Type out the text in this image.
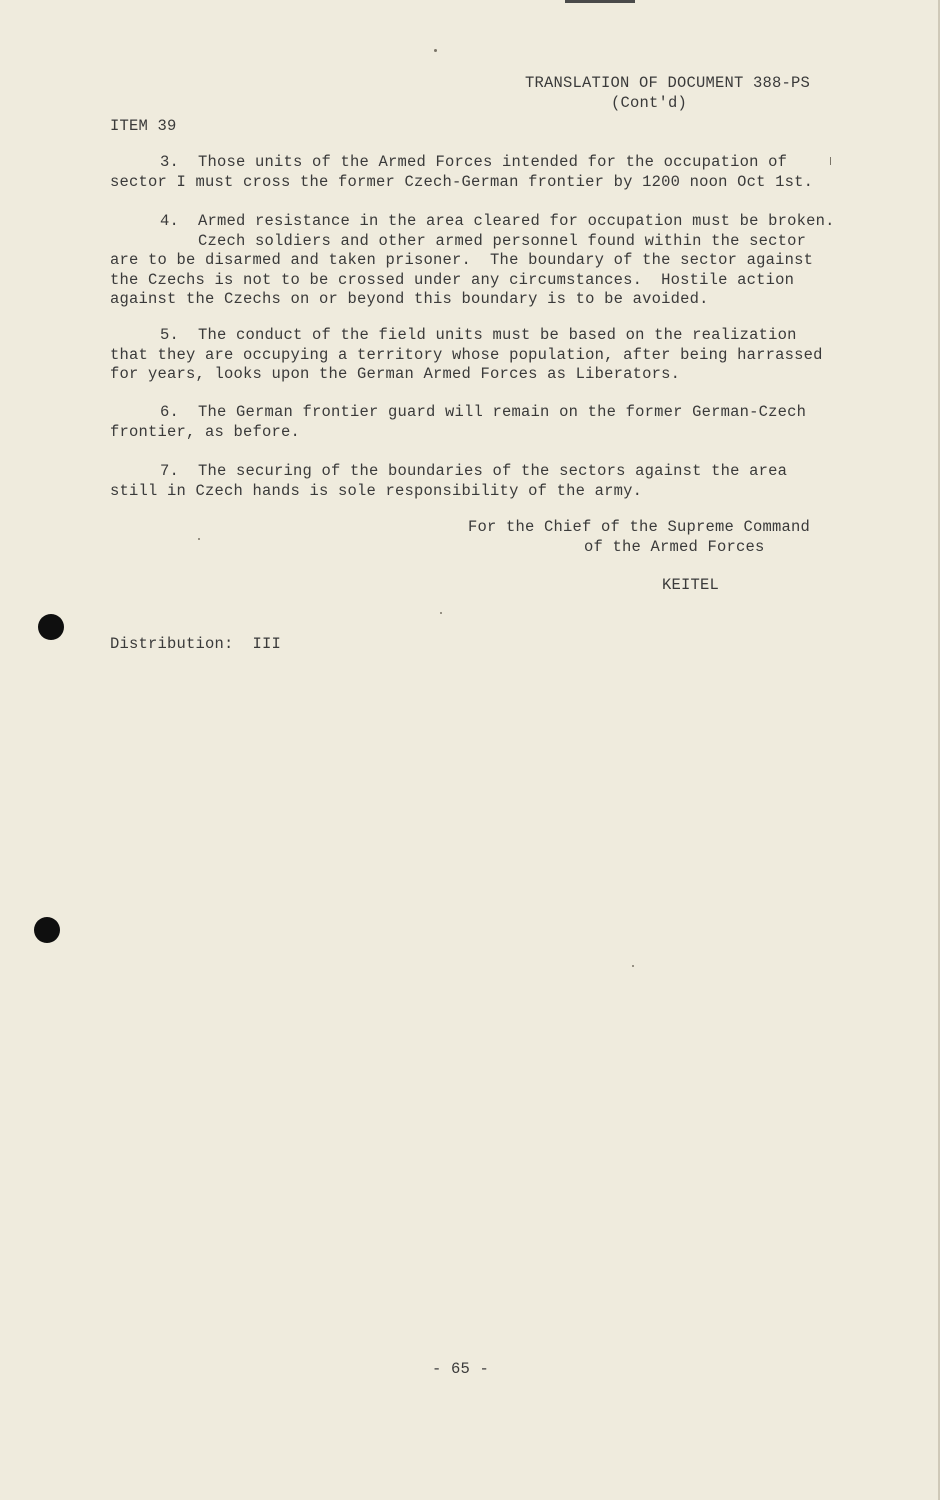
TRANSLATION OF DOCUMENT 388-PS
(Cont'd)
ITEM 39
3.  Those units of the Armed Forces intended for the occupation of
sector I must cross the former Czech-German frontier by 1200 noon Oct 1st.
4.  Armed resistance in the area cleared for occupation must be broken.
Czech soldiers and other armed personnel found within the sector
are to be disarmed and taken prisoner.  The boundary of the sector against
the Czechs is not to be crossed under any circumstances.  Hostile action
against the Czechs on or beyond this boundary is to be avoided.
5.  The conduct of the field units must be based on the realization
that they are occupying a territory whose population, after being harrassed
for years, looks upon the German Armed Forces as Liberators.
6.  The German frontier guard will remain on the former German-Czech
frontier, as before.
7.  The securing of the boundaries of the sectors against the area
still in Czech hands is sole responsibility of the army.
For the Chief of the Supreme Command
of the Armed Forces
KEITEL
Distribution:  III
- 65 -
